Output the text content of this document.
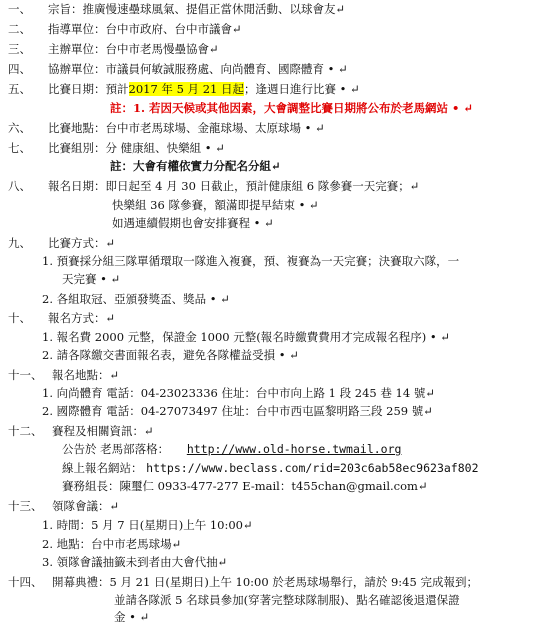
一、 宗旨：推廣慢速壘球風氣、提倡正當休閒活動、以球會友↵
二、 指導單位：台中市政府、台中市議會↵
三、 主辦單位：台中市老馬慢壘協會↵
四、 協辦單位：市議員何敏誠服務處、向尚體育、國際體育 • ↵
五、 比賽日期：預計2017 年 5 月 21 日起；逢週日進行比賽 • ↵
註：1. 若因天候或其他因素，大會調整比賽日期將公布於老馬網站 • ↵
六、 比賽地點：台中市老馬球場、金龍球場、太原球場 • ↵
七、 比賽組別：分 健康組、快樂組 • ↵
註：大會有權依實力分配名分組↵
八、 報名日期：即日起至 4 月 30 日截止，預計健康組 6 隊參賽一天完賽；↵
快樂組 36 隊參賽，額滿即提早結束 • ↵
如遇連續假期也會安排賽程 • ↵
九、 比賽方式：↵
1. 預賽採分組三隊單循環取一隊進入複賽，預、複賽為一天完賽；決賽取六隊，一
天完賽 • ↵
2. 各組取冠、亞頒發獎盃、獎品 • ↵
十、 報名方式：↵
1. 報名費 2000 元整，保證金 1000 元整(報名時繳費費用才完成報名程序) • ↵
2. 請各隊繳交書面報名表，避免各隊權益受損 • ↵
十一、 報名地點：↵
1. 向尚體育 電話：04-23023336 住址：台中市向上路 1 段 245 巷 14 號↵
2. 國際體育 電話：04-27073497 住址：台中市西屯區黎明路三段 259 號↵
十二、 賽程及相關資訊：↵
公告於 老馬部落格： http://www.old-horse.twmail.org
線上報名網站： https://www.beclass.com/rid=203c6ab58ec9623af802
賽務組長：陳璽仁 0933-477-277 E-mail：t455chan@gmail.com↵
十三、 領隊會議：↵
1. 時間：5 月 7 日(星期日)上午 10:00↵
2. 地點：台中市老馬球場↵
3. 領隊會議抽籤未到者由大會代抽↵
十四、 開幕典禮：5 月 21 日(星期日)上午 10:00 於老馬球場舉行，請於 9:45 完成報到；
並請各隊派 5 名球員參加(穿著完整球隊制服)、點名確認後退還保證
金 • ↵
